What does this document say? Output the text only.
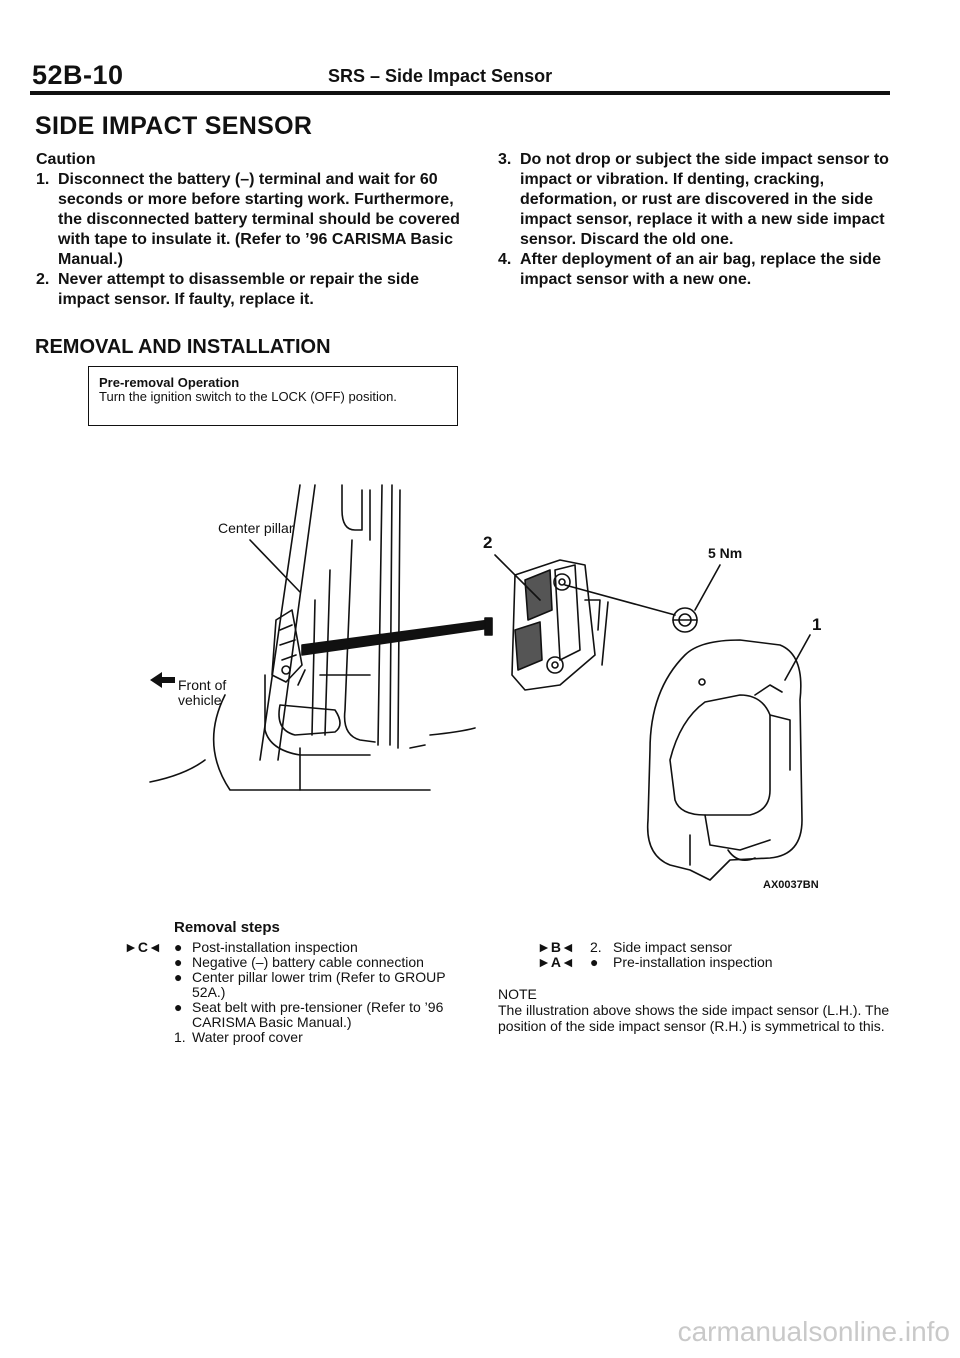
52B-10	SRS – Side Impact Sensor
SIDE IMPACT SENSOR
Caution
1. Disconnect the battery (–) terminal and wait for 60 seconds or more before starting work. Furthermore, the disconnected battery terminal should be covered with tape to insulate it. (Refer to ’96 CARISMA Basic Manual.)
2. Never attempt to disassemble or repair the side impact sensor. If faulty, replace it.
3. Do not drop or subject the side impact sensor to impact or vibration. If denting, cracking, deformation, or rust are discovered in the side impact sensor, replace it with a new side impact sensor. Discard the old one.
4. After deployment of an air bag, replace the side impact sensor with a new one.
REMOVAL AND INSTALLATION
Pre-removal Operation
Turn the ignition switch to the LOCK (OFF) position.
Center pillar
Front of
vehicle
2
5 Nm
1
AX0037BN
Removal steps
►C◄ ● Post-installation inspection
● Negative (–) battery cable connection
● Center pillar lower trim (Refer to GROUP 52A.)
● Seat belt with pre-tensioner (Refer to ’96 CARISMA Basic Manual.)
1. Water proof cover
►B◄ 2. Side impact sensor
►A◄ ● Pre-installation inspection
NOTE
The illustration above shows the side impact sensor (L.H.). The position of the side impact sensor (R.H.) is symmetrical to this.
carmanualsonline.info
